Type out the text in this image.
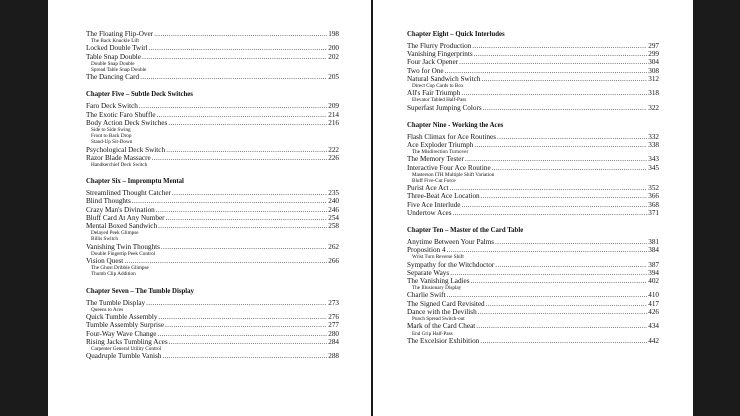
The Floating Flip-Over .....	198
The Back Knuckle Lift
Locked Double Twirl .....	200
Table Snap Double .....	202
Double Snap Double
Spread Table Snap Double
The Dancing Card .....	205
Chapter Five – Subtle Deck Switches
Faro Deck Switch .....	209
The Exotic Faro Shuffle .....	214
Body Action Deck Switches .....	216
Side to Side Swing
Front to Back Drop
Stand-Up Sit-Down
Psychological Deck Switch .....	222
Razor Blade Massacre .....	226
Handkerchief Deck Switch
Chapter Six – Impromptu Mental
Streamlined Thought Catcher .....	235
Blind Thoughts .....	240
Crazy Man's Divination .....	246
Bluff Card At Any Number .....	254
Mental Boxed Sandwich .....	258
Delayed Peek Glimpse
Billis Switch
Vanishing Twin Thoughts .....	262
Double Fingertip Peek Control
Vision Quest .....	266
The Ghost Dribble Glimpse
Thumb Clip Addition
Chapter Seven – The Tumble Display
The Tumble Display .....	273
Queens to Aces
Quick Tumble Assembly .....	276
Tumble Assembly Surprise .....	277
Four-Way Wave Change .....	280
Rising Jacks Tumbling Aces .....	284
Carpenter General Utility Control
Quadruple Tumble Vanish .....	288
Chapter Eight – Quick Interludes
The Flurry Production .....	297
Vanishing Fingerprints .....	299
Four Jack Opener .....	304
Two for One .....	308
Natural Sandwich Switch .....	312
Direct Cop Cards to Box
All's Fair Triumph .....	318
Elevator Tabled Half-Pass
Superfast Jumping Colors .....	322
Chapter Nine - Working the Aces
Flash Climax for Ace Routines .....	332
Ace Exploder Triumph .....	338
The Misdirection Turnover
The Memory Tester .....	343
Interactive Four Ace Routine .....	345
Masterson ITH Multiple Shift Variation
Bluff Five-Cut Force
Purist Ace Act .....	352
Three-Beat Ace Location .....	366
Five Ace Interlude .....	368
Undertow Aces .....	371
Chapter Ten – Master of the Card Table
Anytime Between Your Palms .....	381
Proposition 4 .....	384
Wrist Turn Reverse Shift
Sympathy for the Witchdoctor .....	387
Separate Ways .....	394
The Vanishing Ladies .....	402
The Illusionary Display
Charlie Swift .....	410
The Signed Card Revisited .....	417
Dance with the Devilish .....	426
Punch Spread Switch-out
Mark of the Card Cheat .....	434
End Grip Half-Pass
The Excelsior Exhibition .....	442
